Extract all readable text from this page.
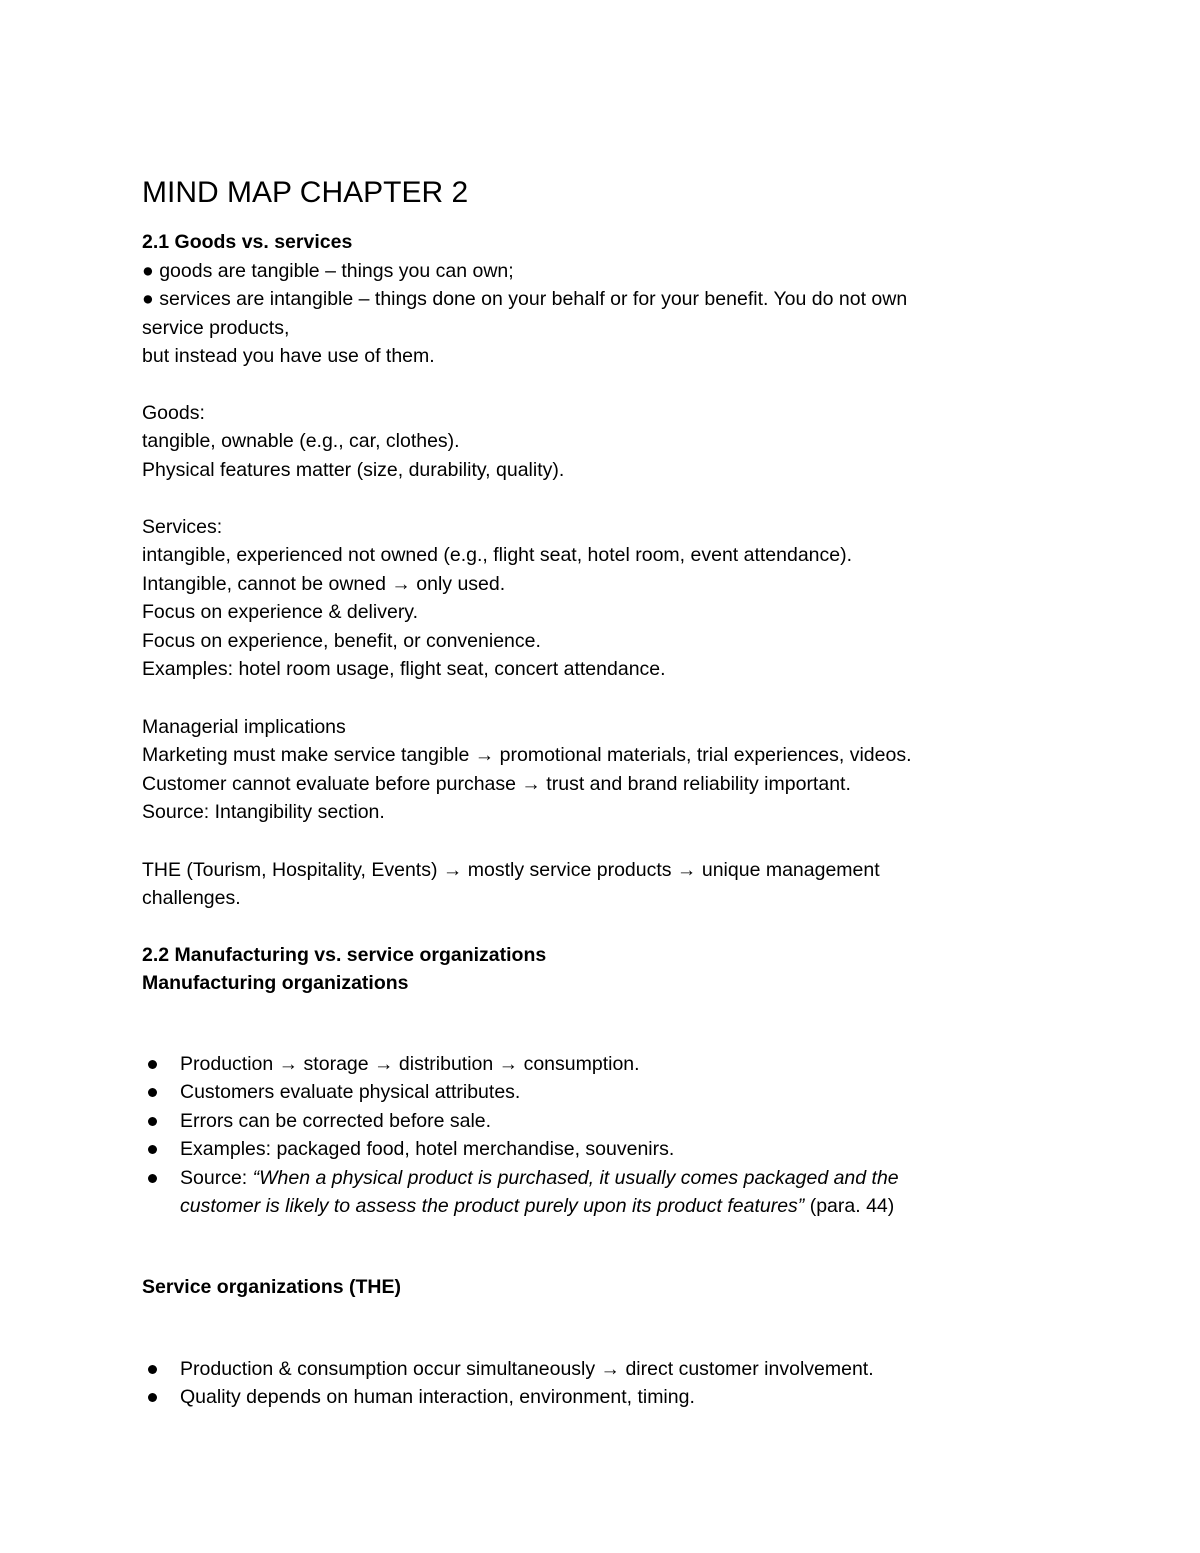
MIND MAP CHAPTER 2
2.1 Goods vs. services
● goods are tangible – things you can own;
● services are intangible – things done on your behalf or for your benefit. You do not own
service products,
but instead you have use of them.
Goods:
tangible, ownable (e.g., car, clothes).
Physical features matter (size, durability, quality).
Services:
intangible, experienced not owned (e.g., flight seat, hotel room, event attendance).
Intangible, cannot be owned → only used.
Focus on experience & delivery.
Focus on experience, benefit, or convenience.
Examples: hotel room usage, flight seat, concert attendance.
Managerial implications
Marketing must make service tangible → promotional materials, trial experiences, videos.
Customer cannot evaluate before purchase → trust and brand reliability important.
Source: Intangibility section.
THE (Tourism, Hospitality, Events) → mostly service products → unique management
challenges.
2.2 Manufacturing vs. service organizations
Manufacturing organizations
Production → storage → distribution → consumption.
Customers evaluate physical attributes.
Errors can be corrected before sale.
Examples: packaged food, hotel merchandise, souvenirs.
Source: “When a physical product is purchased, it usually comes packaged and the
customer is likely to assess the product purely upon its product features” (para. 44)
Service organizations (THE)
Production & consumption occur simultaneously → direct customer involvement.
Quality depends on human interaction, environment, timing.
